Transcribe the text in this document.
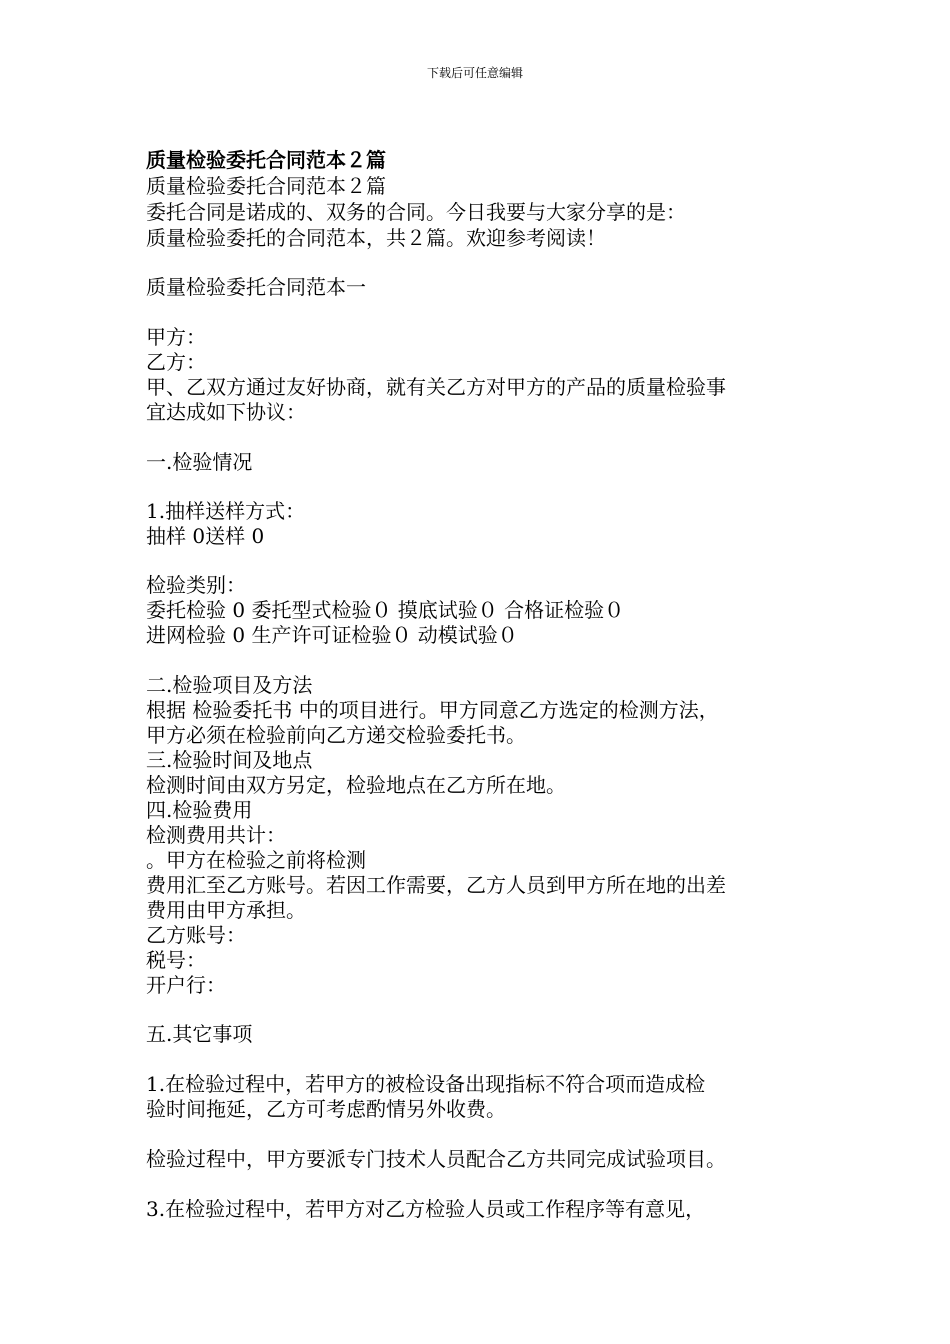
下载后可任意编辑
质量检验委托合同范本２篇
质量检验委托合同范本２篇
委托合同是诺成的、双务的合同。今日我要与大家分享的是：
质量检验委托的合同范本，共２篇。欢迎参考阅读！
质量检验委托合同范本一
甲方：
乙方：
甲、乙双方通过友好协商，就有关乙方对甲方的产品的质量检验事
宜达成如下协议：
一.检验情况
1.抽样送样方式：
抽样 0送样 0
检验类别：
委托检验 0 委托型式检验０ 摸底试验０ 合格证检验０
进网检验 0 生产许可证检验０ 动模试验０
二.检验项目及方法
根据 检验委托书 中的项目进行。甲方同意乙方选定的检测方法，
甲方必须在检验前向乙方递交检验委托书。
三.检验时间及地点
检测时间由双方另定，检验地点在乙方所在地。
四.检验费用
检测费用共计：
。甲方在检验之前将检测
费用汇至乙方账号。若因工作需要，乙方人员到甲方所在地的出差
费用由甲方承担。
乙方账号：
税号：
开户行：
五.其它事项
1.在检验过程中，若甲方的被检设备出现指标不符合项而造成检
验时间拖延，乙方可考虑酌情另外收费。
检验过程中，甲方要派专门技术人员配合乙方共同完成试验项目。
3.在检验过程中，若甲方对乙方检验人员或工作程序等有意见，
